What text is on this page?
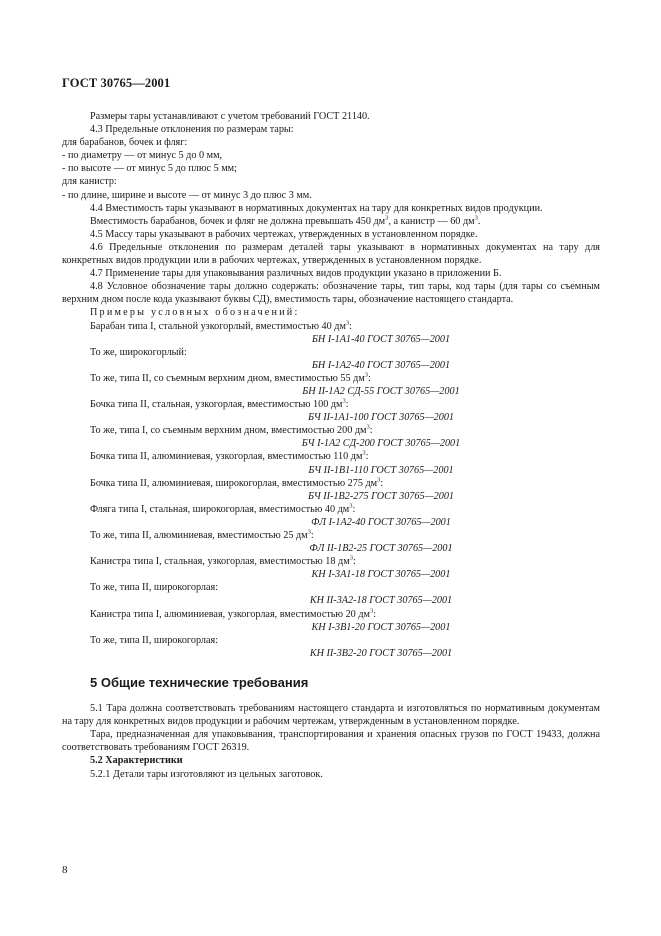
ГОСТ 30765—2001

Размеры тары устанавливают с учетом требований ГОСТ 21140.

4.3 Предельные отклонения по размерам тары:

для барабанов, бочек и фляг:

- по диаметру — от минус 5 до 0 мм,

- по высоте — от минус 5 до плюс 5 мм;

для канистр:

- по длине, ширине и высоте — от минус 3 до плюс 3 мм.

4.4 Вместимость тары указывают в нормативных документах на тару для конкретных видов продукции.

Вместимость барабанов, бочек и фляг не должна превышать 450 $дм^3$, а канистр — 60 $дм^3$.

4.5 Массу тары указывают в рабочих чертежах, утвержденных в установленном порядке.

4.6 Предельные отклонения по размерам деталей тары указывают в нормативных документах на тару для конкретных видов продукции или в рабочих чертежах, утвержденных в установленном порядке.

4.7 Применение тары для упаковывания различных видов продукции указано в приложении Б.

4.8 Условное обозначение тары должно содержать: обозначение тары, тип тары, код тары (для тары со съемным верхним дном после кода указывают буквы СД), вместимость тары, обозначение настоящего стандарта.

Примеры условных обозначений:

Барабан типа I, стальной узкогорлый, вместимостью 40 $дм^3$:

БН I-1А1-40 ГОСТ 30765—2001

То же, широкогорлый:

БН I-1А2-40 ГОСТ 30765—2001

То же, типа II, со съемным верхним дном, вместимостью 55 $дм^3$:

БН II-1А2 СД-55 ГОСТ 30765—2001

Бочка типа II, стальная, узкогорлая, вместимостью 100 $дм^3$:

БЧ II-1А1-100 ГОСТ 30765—2001

То же, типа I, со съемным верхним дном, вместимостью 200 $дм^3$:

БЧ I-1А2 СД-200 ГОСТ 30765—2001

Бочка типа II, алюминиевая, узкогорлая, вместимостью 110 $дм^3$:

БЧ II-1В1-110 ГОСТ 30765—2001

Бочка типа II, алюминиевая, широкогорлая, вместимостью 275 $дм^3$:

БЧ II-1В2-275 ГОСТ 30765—2001

Фляга типа I, стальная, широкогорлая, вместимостью 40 $дм^3$:

ФЛ I-1А2-40 ГОСТ 30765—2001

То же, типа II, алюминиевая, вместимостью 25 $дм^3$:

ФЛ II-1В2-25 ГОСТ 30765—2001

Канистра типа I, стальная, узкогорлая, вместимостью 18 $дм^3$:

КН I-3А1-18 ГОСТ 30765—2001

То же, типа II, широкогорлая:

КН II-3А2-18 ГОСТ 30765—2001

Канистра типа I, алюминиевая, узкогорлая, вместимостью 20 $дм^3$:

КН I-3В1-20 ГОСТ 30765—2001

То же, типа II, широкогорлая:

КН II-3В2-20 ГОСТ 30765—2001

5 Общие технические требования

5.1 Тара должна соответствовать требованиям настоящего стандарта и изготовляться по нормативным документам на тару для конкретных видов продукции и рабочим чертежам, утвержденным в установленном порядке.

Тара, предназначенная для упаковывания, транспортирования и хранения опасных грузов по ГОСТ 19433, должна соответствовать требованиям ГОСТ 26319.

5.2 Характеристики

5.2.1 Детали тары изготовляют из цельных заготовок.

8
